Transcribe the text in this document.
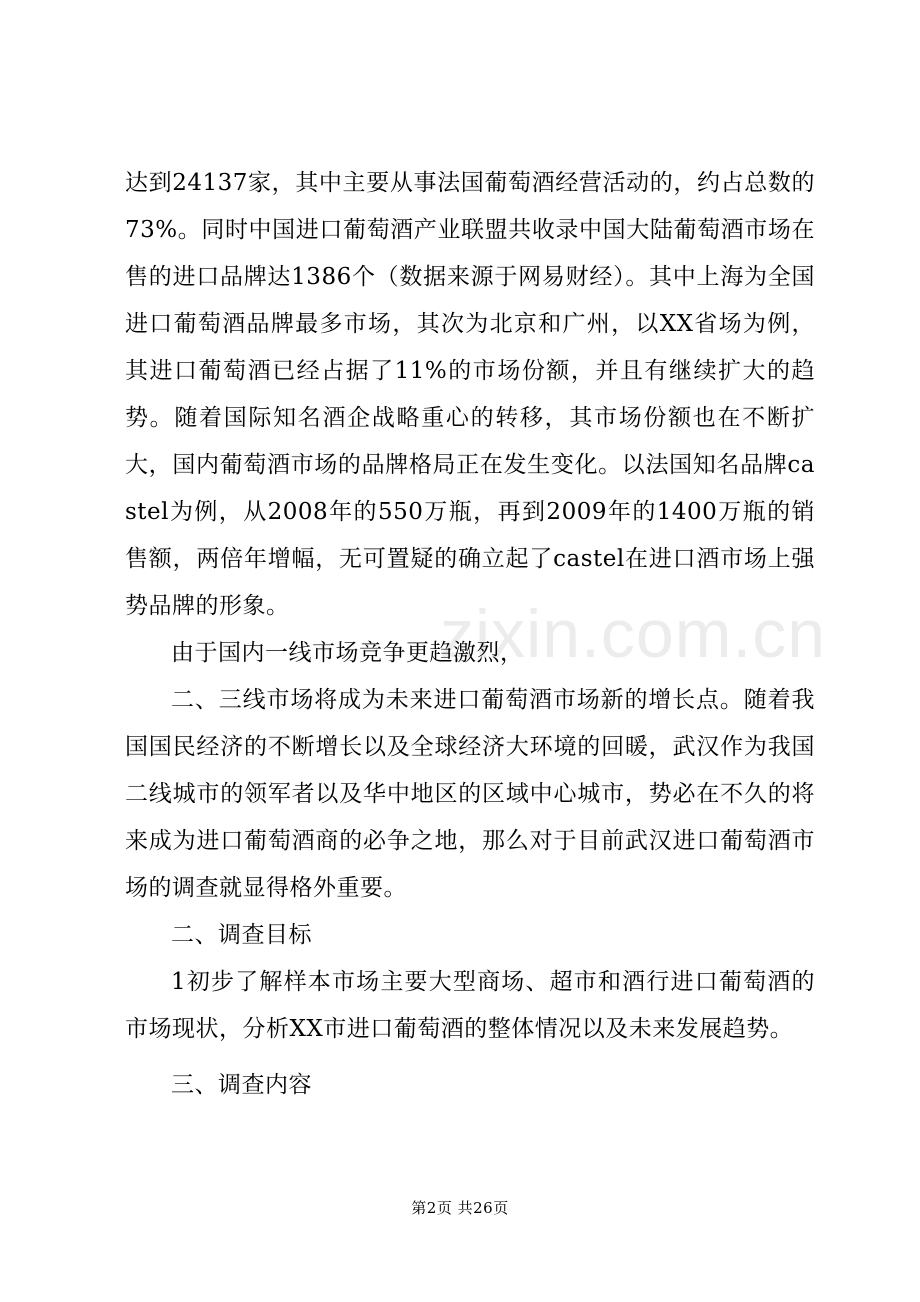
zixin.com.cn

达到24137家，其中主要从事法国葡萄酒经营活动的，约占总数的73%。同时中国进口葡萄酒产业联盟共收录中国大陆葡萄酒市场在售的进口品牌达1386个（数据来源于网易财经）。其中上海为全国进口葡萄酒品牌最多市场，其次为北京和广州，以XX省场为例，其进口葡萄酒已经占据了11%的市场份额，并且有继续扩大的趋势。随着国际知名酒企战略重心的转移，其市场份额也在不断扩大，国内葡萄酒市场的品牌格局正在发生变化。以法国知名品牌castel为例，从2008年的550万瓶，再到2009年的1400万瓶的销售额，两倍年增幅，无可置疑的确立起了castel在进口酒市场上强势品牌的形象。

由于国内一线市场竞争更趋激烈，

二、三线市场将成为未来进口葡萄酒市场新的增长点。随着我国国民经济的不断增长以及全球经济大环境的回暖，武汉作为我国二线城市的领军者以及华中地区的区域中心城市，势必在不久的将来成为进口葡萄酒商的必争之地，那么对于目前武汉进口葡萄酒市场的调查就显得格外重要。

二、调查目标

1初步了解样本市场主要大型商场、超市和酒行进口葡萄酒的市场现状，分析XX市进口葡萄酒的整体情况以及未来发展趋势。

三、调查内容

第2页 共26页
